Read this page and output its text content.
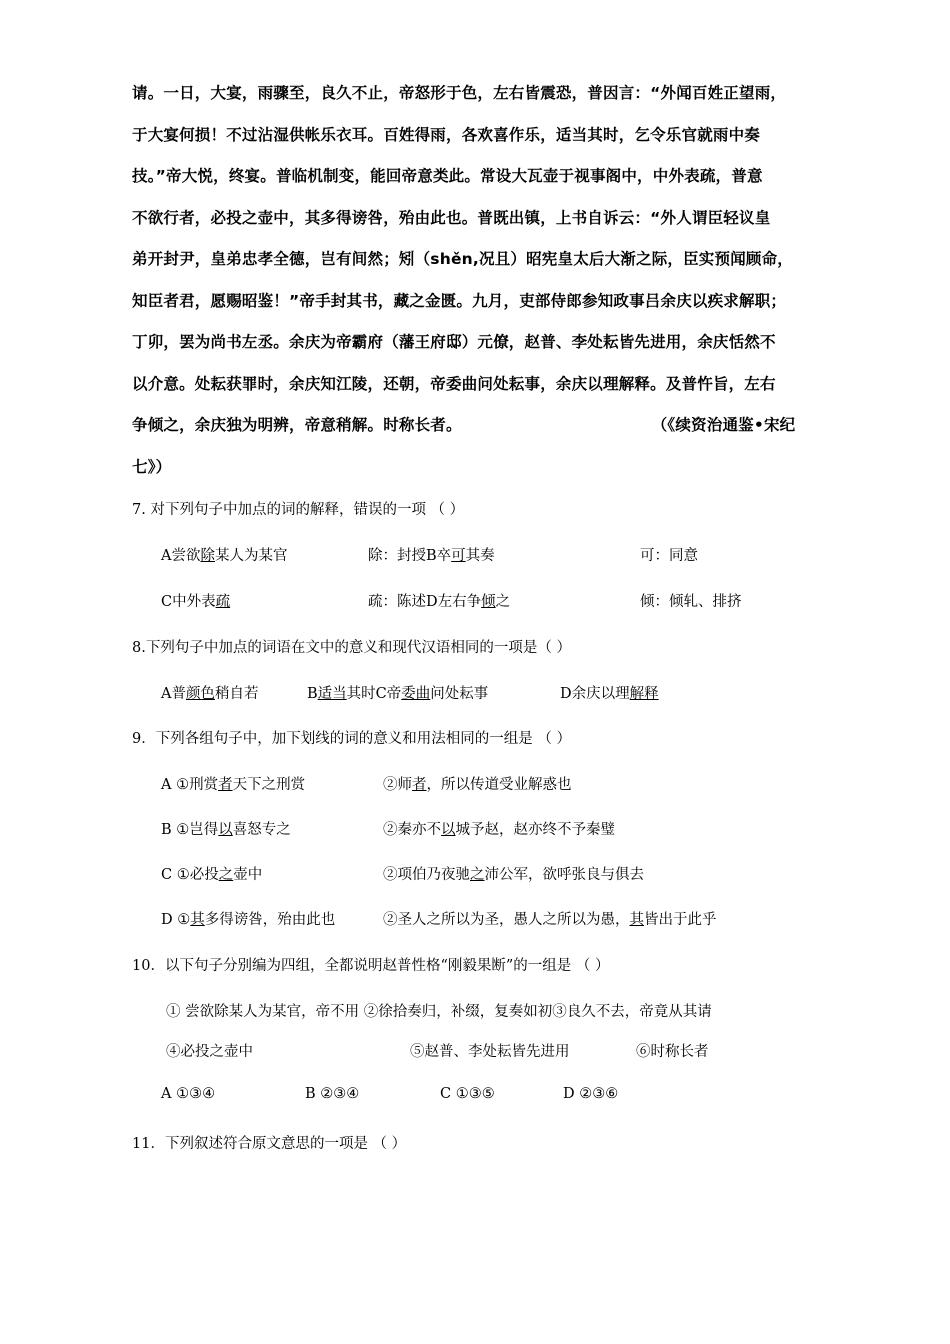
请。一日，大宴，雨骤至，良久不止，帝怒形于色，左右皆震恐，普因言：“外闻百姓正望雨，
于大宴何损！不过沾湿供帐乐衣耳。百姓得雨，各欢喜作乐，适当其时，乞令乐官就雨中奏
技。”帝大悦，终宴。普临机制变，能回帝意类此。常设大瓦壶于视事阁中，中外表疏，普意
不欲行者，必投之壶中，其多得谤咎，殆由此也。普既出镇，上书自诉云：“外人谓臣轻议皇
弟开封尹，皇弟忠孝全德，岂有间然；矧（shěn,况且）昭宪皇太后大渐之际，臣实预闻顾命，
知臣者君，愿赐昭鉴！”帝手封其书，藏之金匮。九月，吏部侍郎参知政事吕余庆以疾求解职；
丁卯，罢为尚书左丞。余庆为帝霸府（藩王府邸）元僚，赵普、李处耘皆先进用，余庆恬然不
以介意。处耘获罪时，余庆知江陵，还朝，帝委曲问处耘事，余庆以理解释。及普忤旨，左右
争倾之，余庆独为明辨，帝意稍解。时称长者。	（《续资治通鉴•宋纪
七》）
7. 对下列句子中加点的词的解释，错误的一项 （ ）
A尝欲除某人为某官	除：封授B卒可其奏	可：同意
C中外表疏	疏：陈述D左右争倾之	倾：倾轧、排挤
8.下列句子中加点的词语在文中的意义和现代汉语相同的一项是（ ）
A普颜色稍自若	B适当其时C帝委曲问处耘事	D余庆以理解释
9．下列各组句子中，加下划线的词的意义和用法相同的一组是 （ ）
A ①刑赏者天下之刑赏	②师者，所以传道受业解惑也
B ①岂得以喜怒专之	②秦亦不以城予赵，赵亦终不予秦璧
C ①必投之壶中	②项伯乃夜驰之沛公军，欲呼张良与俱去
D ①其多得谤咎，殆由此也	②圣人之所以为圣，愚人之所以为愚，其皆出于此乎
10．以下句子分别编为四组，全都说明赵普性格“刚毅果断”的一组是 （ ）
① 尝欲除某人为某官，帝不用 ②徐拾奏归，补缀，复奏如初③良久不去，帝竟从其请
④必投之壶中	⑤赵普、李处耘皆先进用	⑥时称长者
A ①③④	B ②③④	C ①③⑤	D ②③⑥
11．下列叙述符合原文意思的一项是 （ ）
